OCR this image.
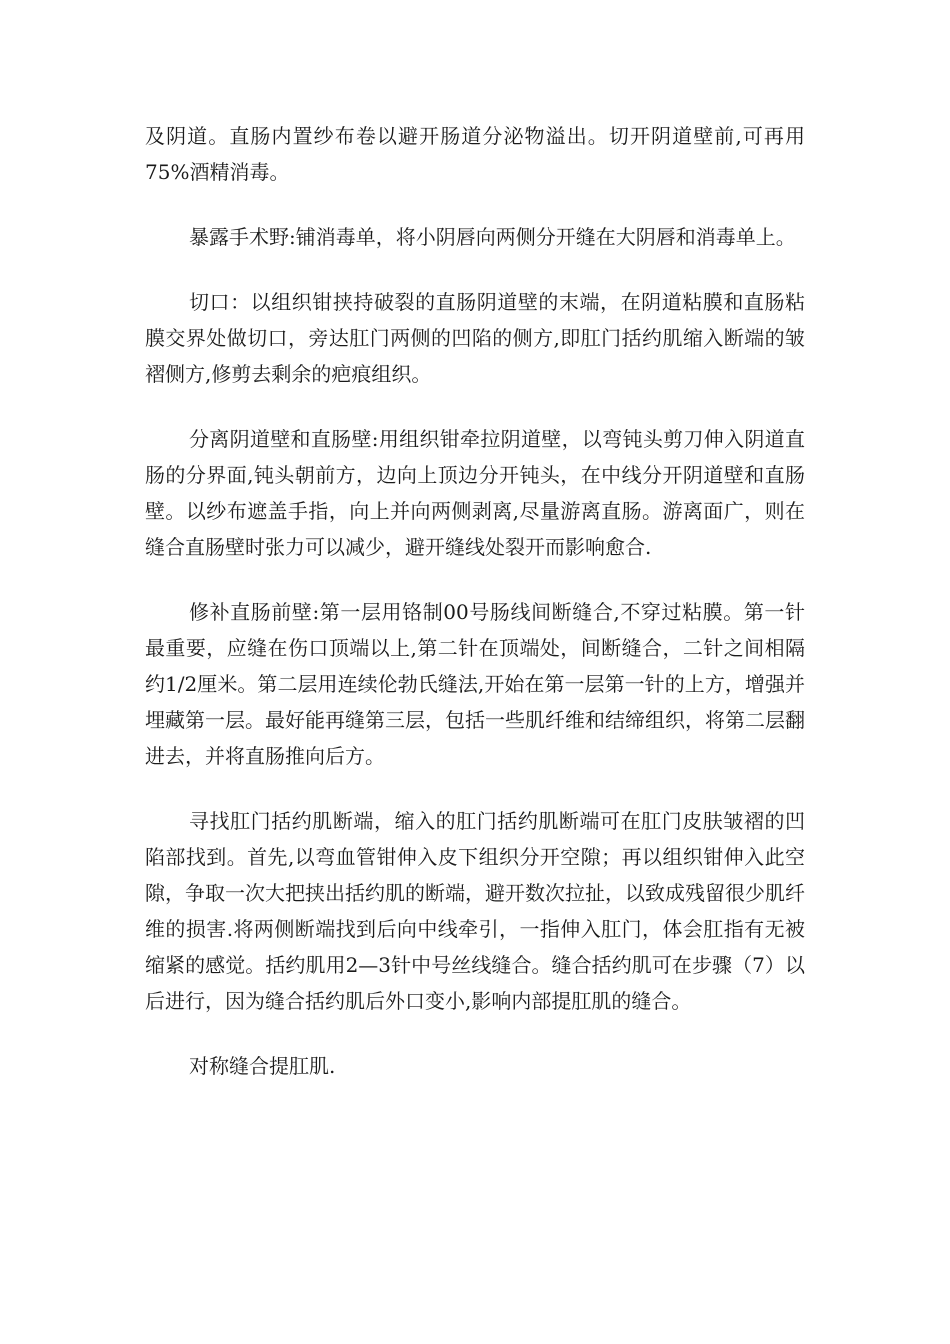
及阴道。直肠内置纱布卷以避开肠道分泌物溢出。切开阴道壁前,可再用75%酒精消毒。

暴露手术野:铺消毒单，将小阴唇向两侧分开缝在大阴唇和消毒单上。

切口：以组织钳挟持破裂的直肠阴道壁的末端，在阴道粘膜和直肠粘膜交界处做切口，旁达肛门两侧的凹陷的侧方,即肛门括约肌缩入断端的皱褶侧方,修剪去剩余的疤痕组织。

分离阴道壁和直肠壁:用组织钳牵拉阴道壁，以弯钝头剪刀伸入阴道直肠的分界面,钝头朝前方，边向上顶边分开钝头，在中线分开阴道壁和直肠壁。以纱布遮盖手指，向上并向两侧剥离,尽量游离直肠。游离面广，则在缝合直肠壁时张力可以减少，避开缝线处裂开而影响愈合.

修补直肠前壁:第一层用铬制00号肠线间断缝合,不穿过粘膜。第一针最重要，应缝在伤口顶端以上,第二针在顶端处，间断缝合，二针之间相隔约1/2厘米。第二层用连续伦勃氏缝法,开始在第一层第一针的上方，增强并埋藏第一层。最好能再缝第三层，包括一些肌纤维和结缔组织，将第二层翻进去，并将直肠推向后方。

寻找肛门括约肌断端，缩入的肛门括约肌断端可在肛门皮肤皱褶的凹陷部找到。首先,以弯血管钳伸入皮下组织分开空隙；再以组织钳伸入此空隙，争取一次大把挟出括约肌的断端，避开数次拉扯，以致成残留很少肌纤维的损害.将两侧断端找到后向中线牵引，一指伸入肛门，体会肛指有无被缩紧的感觉。括约肌用2—3针中号丝线缝合。缝合括约肌可在步骤（7）以后进行，因为缝合括约肌后外口变小,影响内部提肛肌的缝合。

对称缝合提肛肌.
